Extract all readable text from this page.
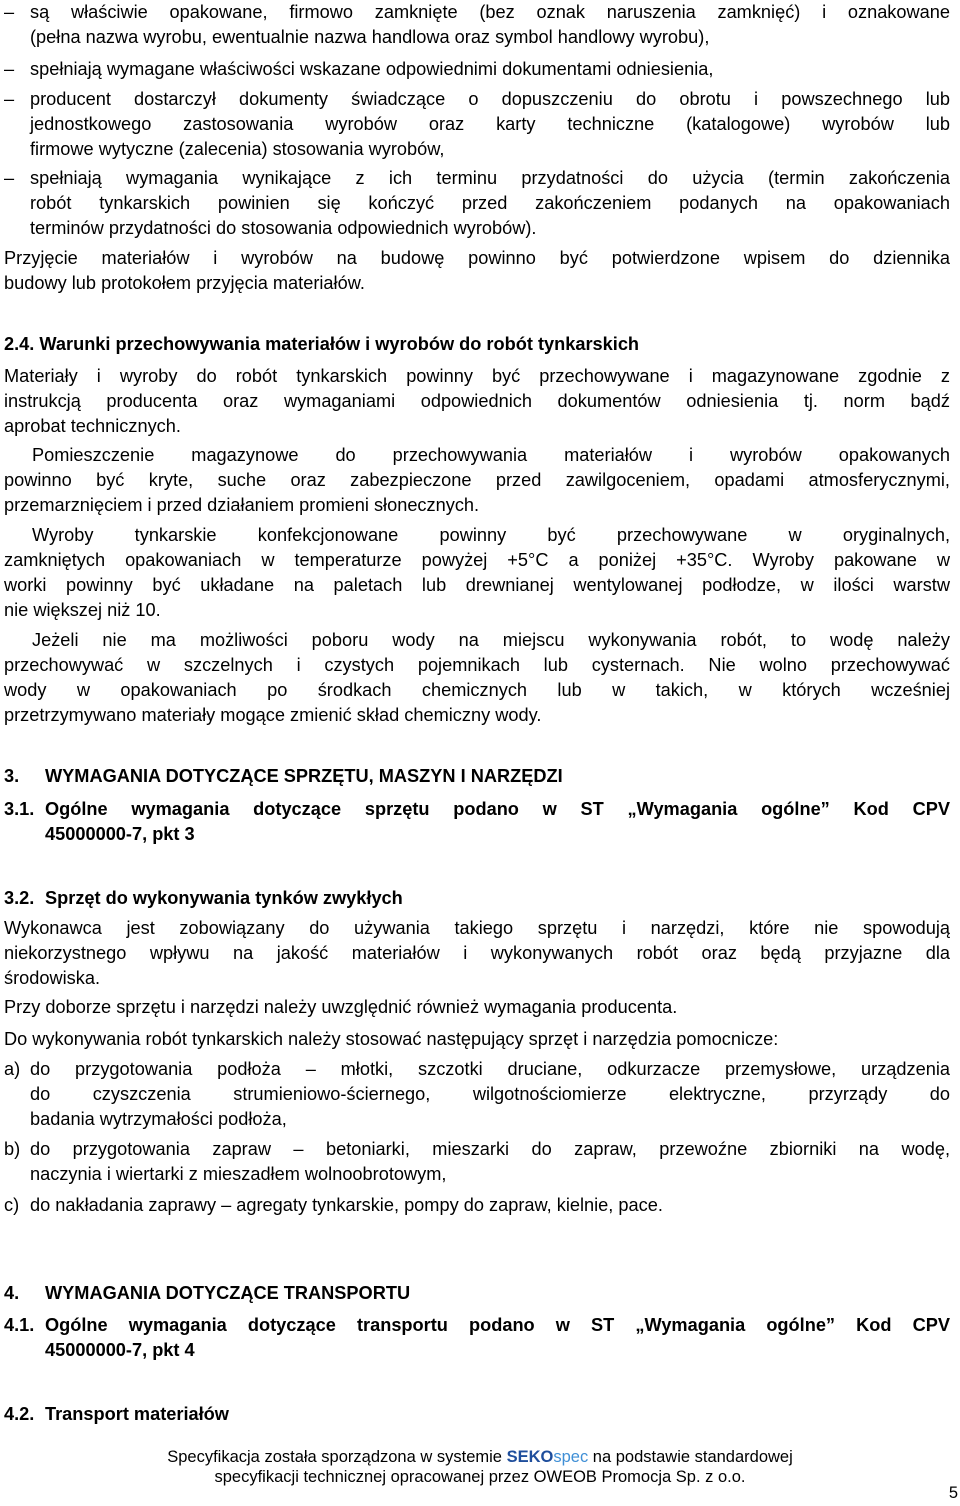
– są właściwie opakowane, firmowo zamknięte (bez oznak naruszenia zamknięć) i oznakowane
(pełna nazwa wyrobu, ewentualnie nazwa handlowa oraz symbol handlowy wyrobu),
– spełniają wymagane właściwości wskazane odpowiednimi dokumentami odniesienia,
– producent dostarczył dokumenty świadczące o dopuszczeniu do obrotu i powszechnego lub
jednostkowego zastosowania wyrobów oraz karty techniczne (katalogowe) wyrobów lub
firmowe wytyczne (zalecenia) stosowania wyrobów,
– spełniają wymagania wynikające z ich terminu przydatności do użycia (termin zakończenia
robót tynkarskich powinien się kończyć przed zakończeniem podanych na opakowaniach
terminów przydatności do stosowania odpowiednich wyrobów).
Przyjęcie materiałów i wyrobów na budowę powinno być potwierdzone wpisem do dziennika
budowy lub protokołem przyjęcia materiałów.
2.4. Warunki przechowywania materiałów i wyrobów do robót tynkarskich
Materiały i wyroby do robót tynkarskich powinny być przechowywane i magazynowane zgodnie z
instrukcją producenta oraz wymaganiami odpowiednich dokumentów odniesienia tj. norm bądź
aprobat technicznych.
Pomieszczenie magazynowe do przechowywania materiałów i wyrobów opakowanych
powinno być kryte, suche oraz zabezpieczone przed zawilgoceniem, opadami atmosferycznymi,
przemarznięciem i przed działaniem promieni słonecznych.
Wyroby tynkarskie konfekcjonowane powinny być przechowywane w oryginalnych,
zamkniętych opakowaniach w temperaturze powyżej +5°C a poniżej +35°C. Wyroby pakowane w
worki powinny być układane na paletach lub drewnianej wentylowanej podłodze, w ilości warstw
nie większej niż 10.
Jeżeli nie ma możliwości poboru wody na miejscu wykonywania robót, to wodę należy
przechowywać w szczelnych i czystych pojemnikach lub cysternach. Nie wolno przechowywać
wody w opakowaniach po środkach chemicznych lub w takich, w których wcześniej
przetrzymywano materiały mogące zmienić skład chemiczny wody.
3. WYMAGANIA DOTYCZĄCE SPRZĘTU, MASZYN I NARZĘDZI
3.1. Ogólne wymagania dotyczące sprzętu podano w ST „Wymagania ogólne” Kod CPV
45000000-7, pkt 3
3.2. Sprzęt do wykonywania tynków zwykłych
Wykonawca jest zobowiązany do używania takiego sprzętu i narzędzi, które nie spowodują
niekorzystnego wpływu na jakość materiałów i wykonywanych robót oraz będą przyjazne dla
środowiska.
Przy doborze sprzętu i narzędzi należy uwzględnić również wymagania producenta.
Do wykonywania robót tynkarskich należy stosować następujący sprzęt i narzędzia pomocnicze:
a) do przygotowania podłoża – młotki, szczotki druciane, odkurzacze przemysłowe, urządzenia
do czyszczenia strumieniowo-ściernego, wilgotnościomierze elektryczne, przyrządy do
badania wytrzymałości podłoża,
b) do przygotowania zapraw – betoniarki, mieszarki do zapraw, przewoźne zbiorniki na wodę,
naczynia i wiertarki z mieszadłem wolnoobrotowym,
c) do nakładania zaprawy – agregaty tynkarskie, pompy do zapraw, kielnie, pace.
4. WYMAGANIA DOTYCZĄCE TRANSPORTU
4.1. Ogólne wymagania dotyczące transportu podano w ST „Wymagania ogólne” Kod CPV
45000000-7, pkt 4
4.2. Transport materiałów
Specyfikacja została sporządzona w systemie SEKOspec na podstawie standardowej
specyfikacji technicznej opracowanej przez OWEOB Promocja Sp. z o.o.
5
